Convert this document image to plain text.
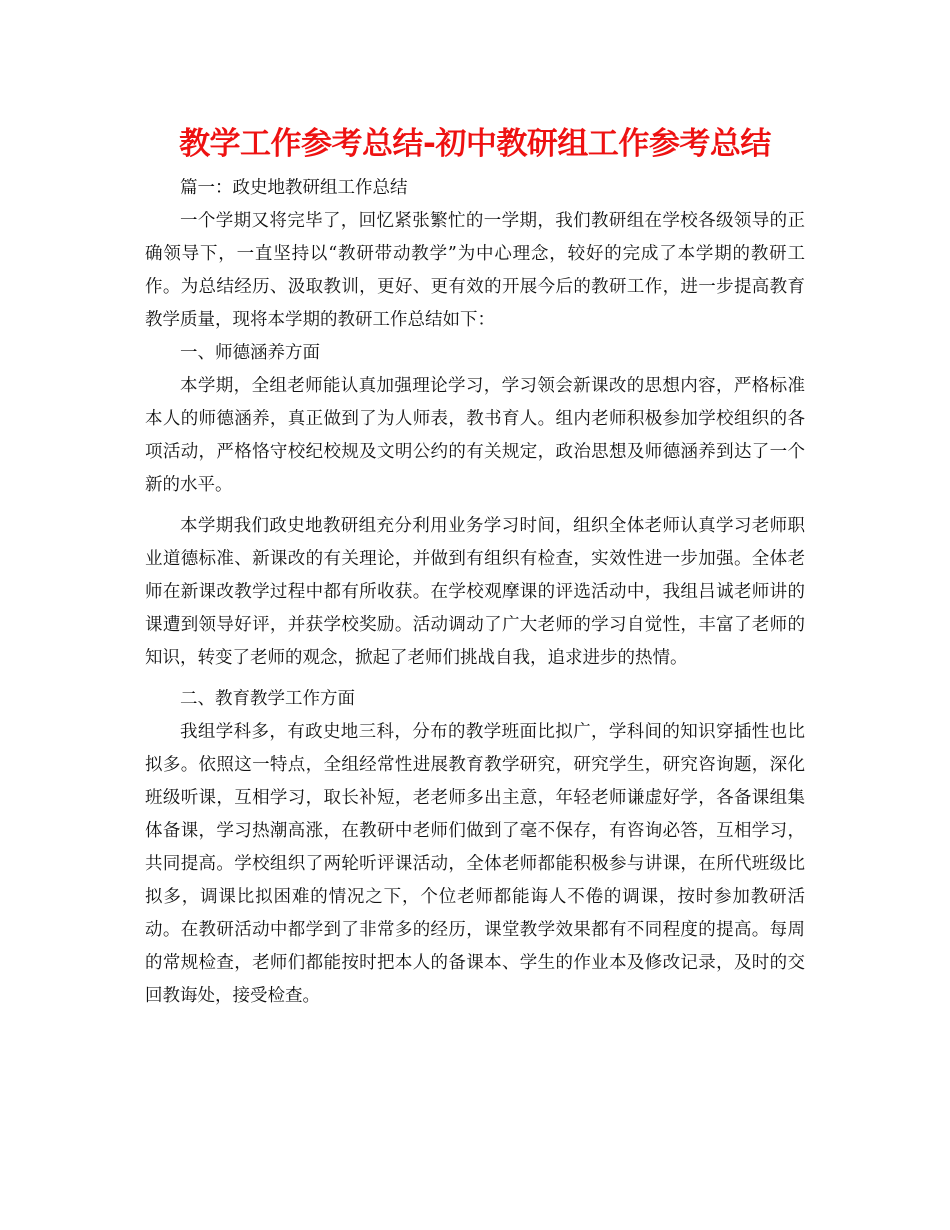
教学工作参考总结-初中教研组工作参考总结

篇一：政史地教研组工作总结

一个学期又将完毕了，回忆紧张繁忙的一学期，我们教研组在学校各级领导的正确领导下，一直坚持以“教研带动教学”为中心理念，较好的完成了本学期的教研工作。为总结经历、汲取教训，更好、更有效的开展今后的教研工作，进一步提高教育教学质量，现将本学期的教研工作总结如下：

一、师德涵养方面

本学期，全组老师能认真加强理论学习，学习领会新课改的思想内容，严格标准本人的师德涵养，真正做到了为人师表，教书育人。组内老师积极参加学校组织的各项活动，严格恪守校纪校规及文明公约的有关规定，政治思想及师德涵养到达了一个新的水平。

本学期我们政史地教研组充分利用业务学习时间，组织全体老师认真学习老师职业道德标准、新课改的有关理论，并做到有组织有检查，实效性进一步加强。全体老师在新课改教学过程中都有所收获。在学校观摩课的评选活动中，我组吕诚老师讲的课遭到领导好评，并获学校奖励。活动调动了广大老师的学习自觉性，丰富了老师的知识，转变了老师的观念，掀起了老师们挑战自我，追求进步的热情。

二、教育教学工作方面

我组学科多，有政史地三科，分布的教学班面比拟广，学科间的知识穿插性也比拟多。依照这一特点，全组经常性进展教育教学研究，研究学生，研究咨询题，深化班级听课，互相学习，取长补短，老老师多出主意，年轻老师谦虚好学，各备课组集体备课，学习热潮高涨，在教研中老师们做到了毫不保存，有咨询必答，互相学习，共同提高。学校组织了两轮听评课活动，全体老师都能积极参与讲课，在所代班级比拟多，调课比拟困难的情况之下，个位老师都能诲人不倦的调课，按时参加教研活动。在教研活动中都学到了非常多的经历，课堂教学效果都有不同程度的提高。每周的常规检查，老师们都能按时把本人的备课本、学生的作业本及修改记录，及时的交回教诲处，接受检查。
